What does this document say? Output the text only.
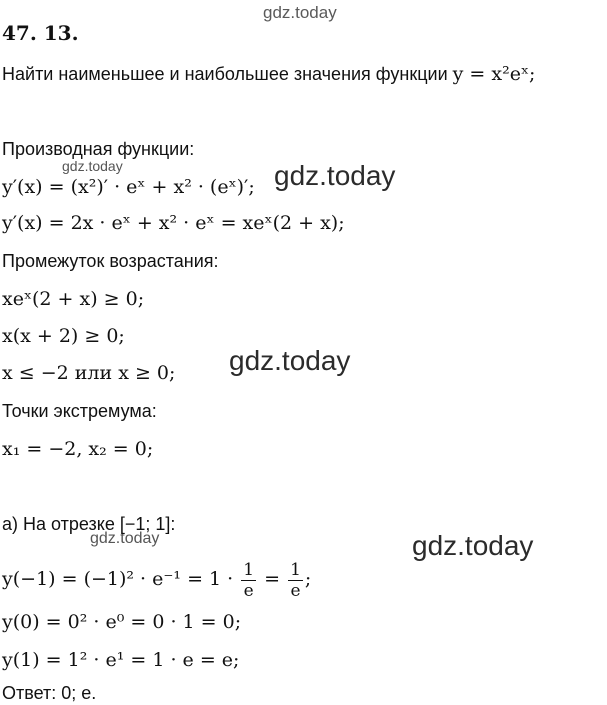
gdz.today
gdz.today
gdz.today
gdz.today
gdz.today
gdz.today
47. 13.
Найти наименьшее и наибольшее значения функции y = x²eˣ;
Производная функции:
y′(x) = (x²)′ · eˣ + x² · (eˣ)′;
y′(x) = 2x · eˣ + x² · eˣ = xeˣ(2 + x);
Промежуток возрастания:
xeˣ(2 + x) ≥ 0;
x(x + 2) ≥ 0;
x ≤ −2 или x ≥ 0;
Точки экстремума:
x₁ = −2, x₂ = 0;
а) На отрезке [−1; 1]:
$y(-1) = (-1)^2 \cdot e^{-1} = 1 \cdot \frac{1}{e} = \frac{1}{e}$ ;
y(0) = 0² · e⁰ = 0 · 1 = 0;
y(1) = 1² · e¹ = 1 · e = e;
Ответ: 0; e.
